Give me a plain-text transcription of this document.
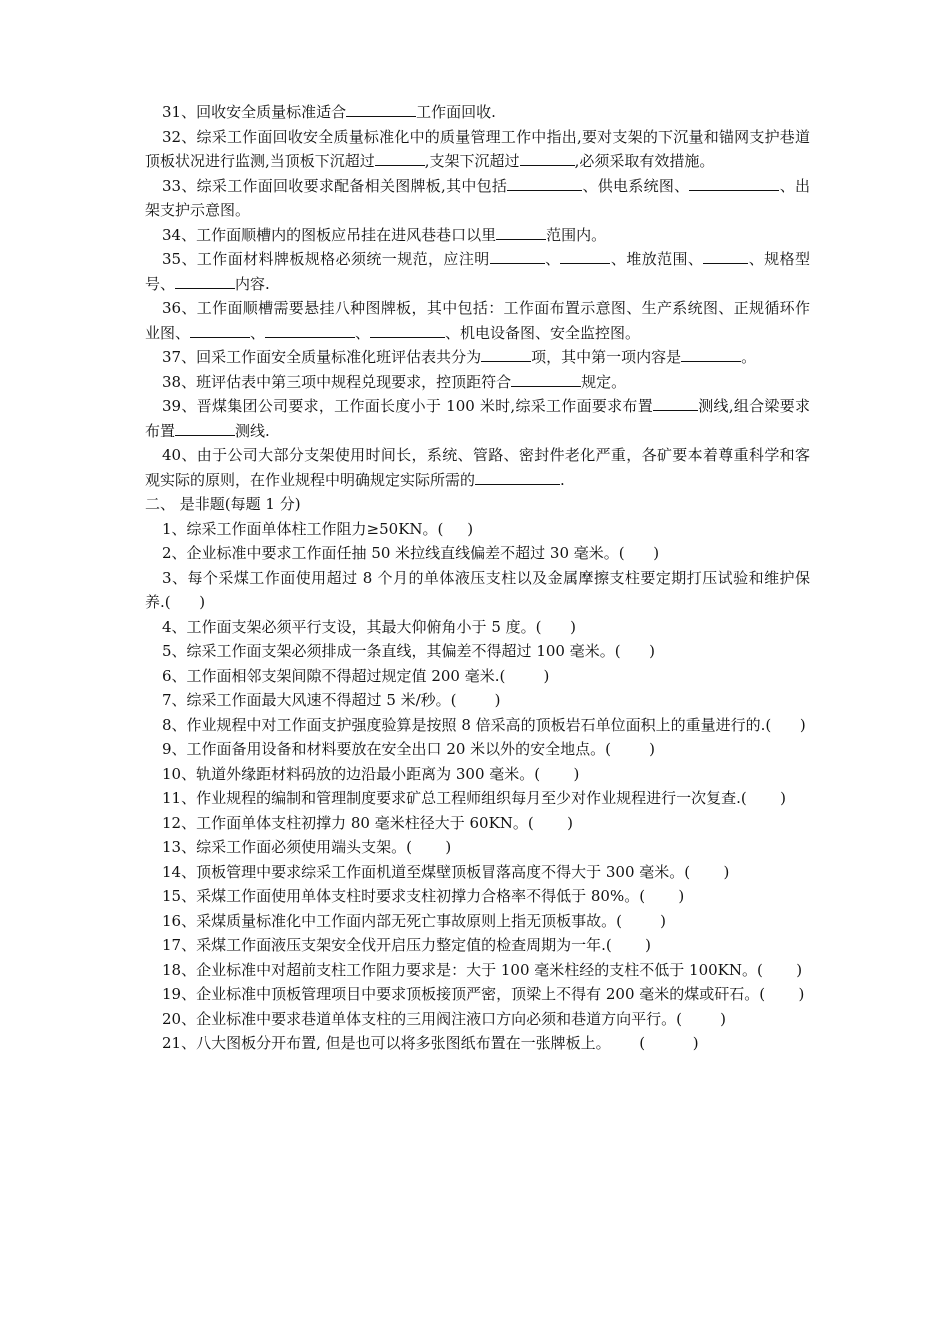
31、回收安全质量标准适合	工作面回收.

32、综采工作面回收安全质量标准化中的质量管理工作中指出,要对支架的下沉量和锚网支护巷道顶板状况进行监测,当顶板下沉超过	,支架下沉超过	,必须采取有效措施。

33、综采工作面回收要求配备相关图牌板,其中包括	、供电系统图、	、出架支护示意图。

34、工作面顺槽内的图板应吊挂在进风巷巷口以里	范围内。

35、工作面材料牌板规格必须统一规范，应注明	、	、堆放范围、	、规格型号、	内容.

36、工作面顺槽需要悬挂八种图牌板，其中包括：工作面布置示意图、生产系统图、正规循环作业图、	、	、	、机电设备图、安全监控图。

37、回采工作面安全质量标准化班评估表共分为	项，其中第一项内容是	。

38、班评估表中第三项中规程兑现要求，控顶距符合	规定。

39、晋煤集团公司要求，工作面长度小于 100 米时,综采工作面要求布置	测线,组合梁要求布置	测线.

40、由于公司大部分支架使用时间长，系统、管路、密封件老化严重，各矿要本着尊重科学和客观实际的原则，在作业规程中明确规定实际所需的	.

二、 是非题(每题 1 分)

1、综采工作面单体柱工作阻力≥50KN。(     )

2、企业标准中要求工作面任抽 50 米拉线直线偏差不超过 30 毫米。(      )

3、每个采煤工作面使用超过 8 个月的单体液压支柱以及金属摩擦支柱要定期打压试验和维护保养.(      )

4、工作面支架必须平行支设，其最大仰俯角小于 5 度。(      )

5、综采工作面支架必须排成一条直线，其偏差不得超过 100 毫米。(      )

6、工作面相邻支架间隙不得超过规定值 200 毫米.(        )

7、综采工作面最大风速不得超过 5 米/秒。(        )

8、作业规程中对工作面支护强度验算是按照 8 倍采高的顶板岩石单位面积上的重量进行的.(      )

9、工作面备用设备和材料要放在安全出口 20 米以外的安全地点。(        )

10、轨道外缘距材料码放的边沿最小距离为 300 毫米。(       )

11、作业规程的编制和管理制度要求矿总工程师组织每月至少对作业规程进行一次复查.(       )

12、工作面单体支柱初撑力 80 毫米柱径大于 60KN。(       )

13、综采工作面必须使用端头支架。(       )

14、顶板管理中要求综采工作面机道至煤壁顶板冒落高度不得大于 300 毫米。(       )

15、采煤工作面使用单体支柱时要求支柱初撑力合格率不得低于 80%。(       )

16、采煤质量标准化中工作面内部无死亡事故原则上指无顶板事故。(        )

17、采煤工作面液压支架安全伐开启压力整定值的检查周期为一年.(       )

18、企业标准中对超前支柱工作阻力要求是：大于 100 毫米柱经的支柱不低于 100KN。(       )

19、企业标准中顶板管理项目中要求顶板接顶严密，顶梁上不得有 200 毫米的煤或矸石。(       )

20、企业标准中要求巷道单体支柱的三用阀注液口方向必须和巷道方向平行。(        )

21、八大图板分开布置, 但是也可以将多张图纸布置在一张牌板上。      (          )
